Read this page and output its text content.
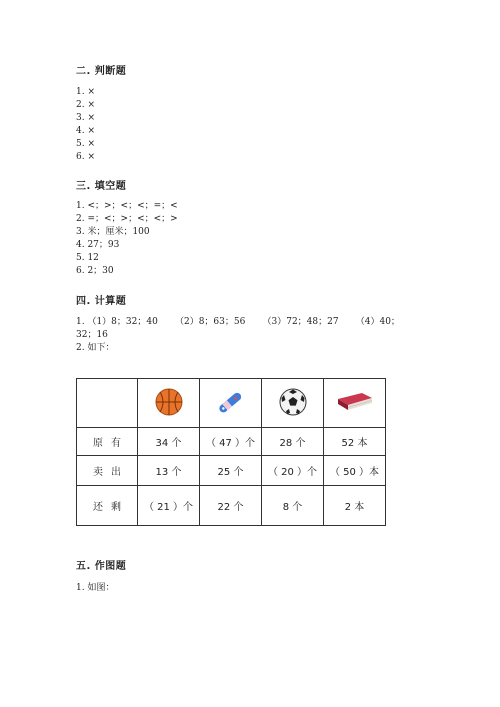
二. 判断题
1. ×
2. ×
3. ×
4. ×
5. ×
6. ×
三. 填空题
1. <；>；<；<；=；<
2. =；<；>；<；<；>
3. 米；厘米；100
4. 27；93
5. 12
6. 2；30
四. 计算题
1. （1）8；32；40      （2）8；63；56      （3）72；48；27      （4）40；
32；16
2. 如下：

原有	34 个	（ 47 ）个	28 个	52 本
卖出	13 个	25 个	（ 20 ）个	（ 50 ）本
还剩	（ 21 ）个	22 个	8 个	2 本
五. 作图题
1. 如图：
